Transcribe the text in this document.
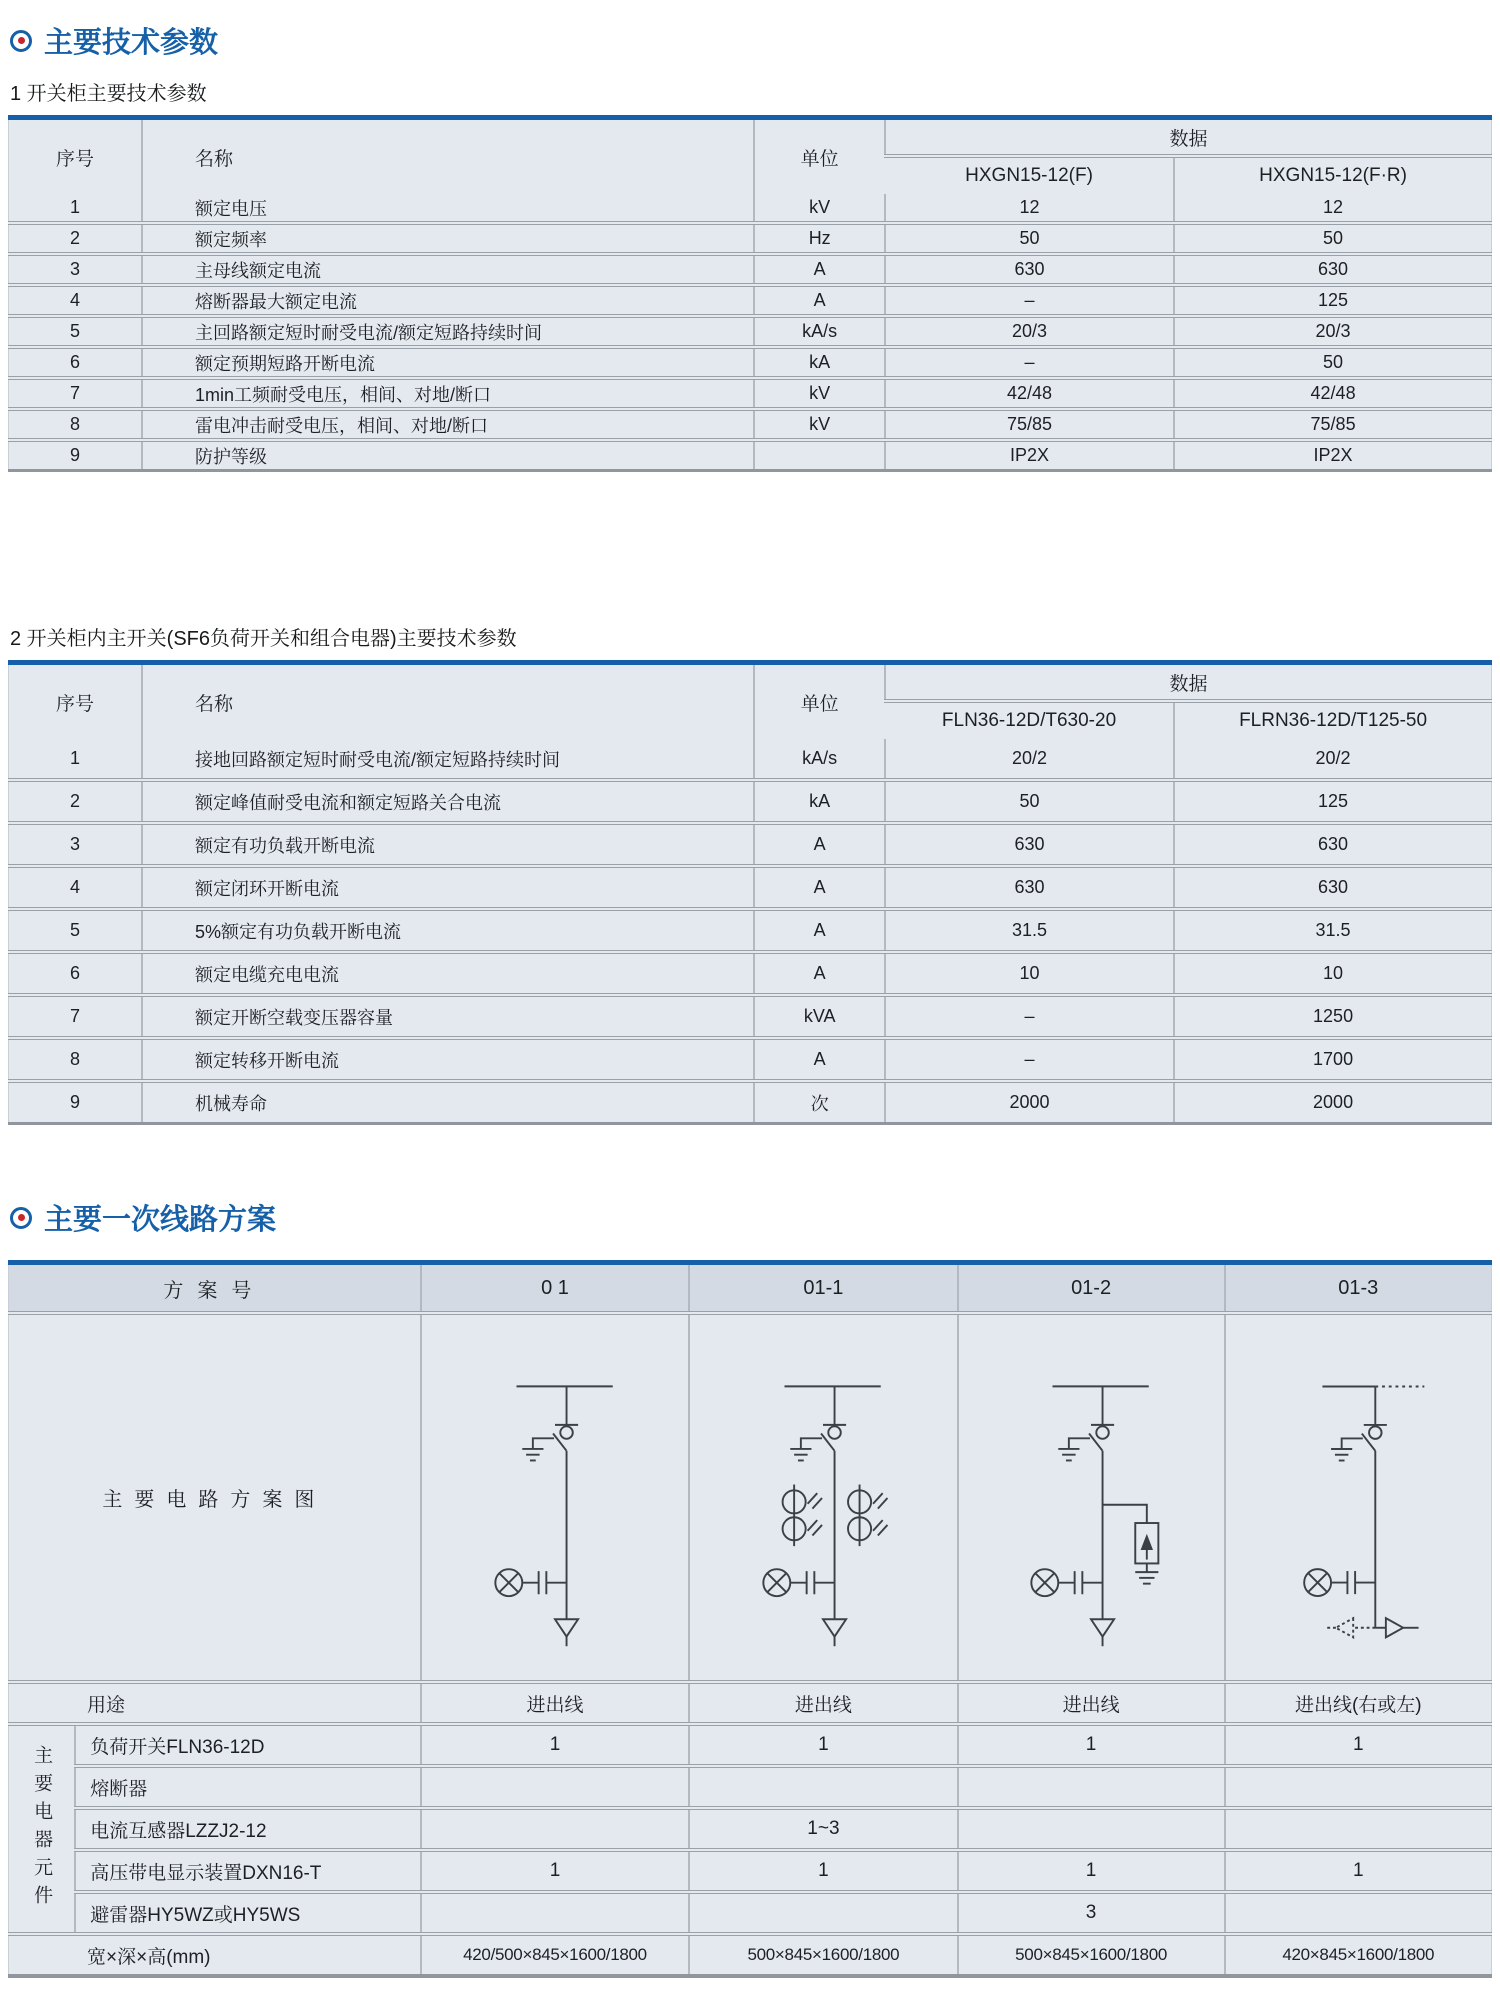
主要技术参数
1 开关柜主要技术参数
序号	名称	单位	数据	
			HXGN15-12(F)	HXGN15-12(F·R)
1	额定电压	kV	12	12
2	额定频率	Hz	50	50
3	主母线额定电流	A	630	630
4	熔断器最大额定电流	A	–	125
5	主回路额定短时耐受电流/额定短路持续时间	kA/s	20/3	20/3
6	额定预期短路开断电流	kA	–	50
7	1min工频耐受电压，相间、对地/断口	kV	42/48	42/48
8	雷电冲击耐受电压，相间、对地/断口	kV	75/85	75/85
9	防护等级		IP2X	IP2X
2 开关柜内主开关(SF6负荷开关和组合电器)主要技术参数
序号	名称	单位	数据	
			FLN36-12D/T630-20	FLRN36-12D/T125-50
1	接地回路额定短时耐受电流/额定短路持续时间	kA/s	20/2	20/2
2	额定峰值耐受电流和额定短路关合电流	kA	50	125
3	额定有功负载开断电流	A	630	630
4	额定闭环开断电流	A	630	630
5	5%额定有功负载开断电流	A	31.5	31.5
6	额定电缆充电电流	A	10	10
7	额定开断空载变压器容量	kVA	–	1250
8	额定转移开断电流	A	–	1700
9	机械寿命	次	2000	2000
主要一次线路方案
方案号		0 1	01-1	01-2	01-3
主要电路方案图	

用途		进出线	进出线	进出线	进出线(右或左)
主要电器元件	负荷开关FLN36-12D	1	1	1	1
	熔断器				
	电流互感器LZZJ2-12		1~3		
	高压带电显示装置DXN16-T	1	1	1	1
	避雷器HY5WZ或HY5WS			3	
宽×深×高(mm)		420/500×845×1600/1800	500×845×1600/1800	500×845×1600/1800	420×845×1600/1800
